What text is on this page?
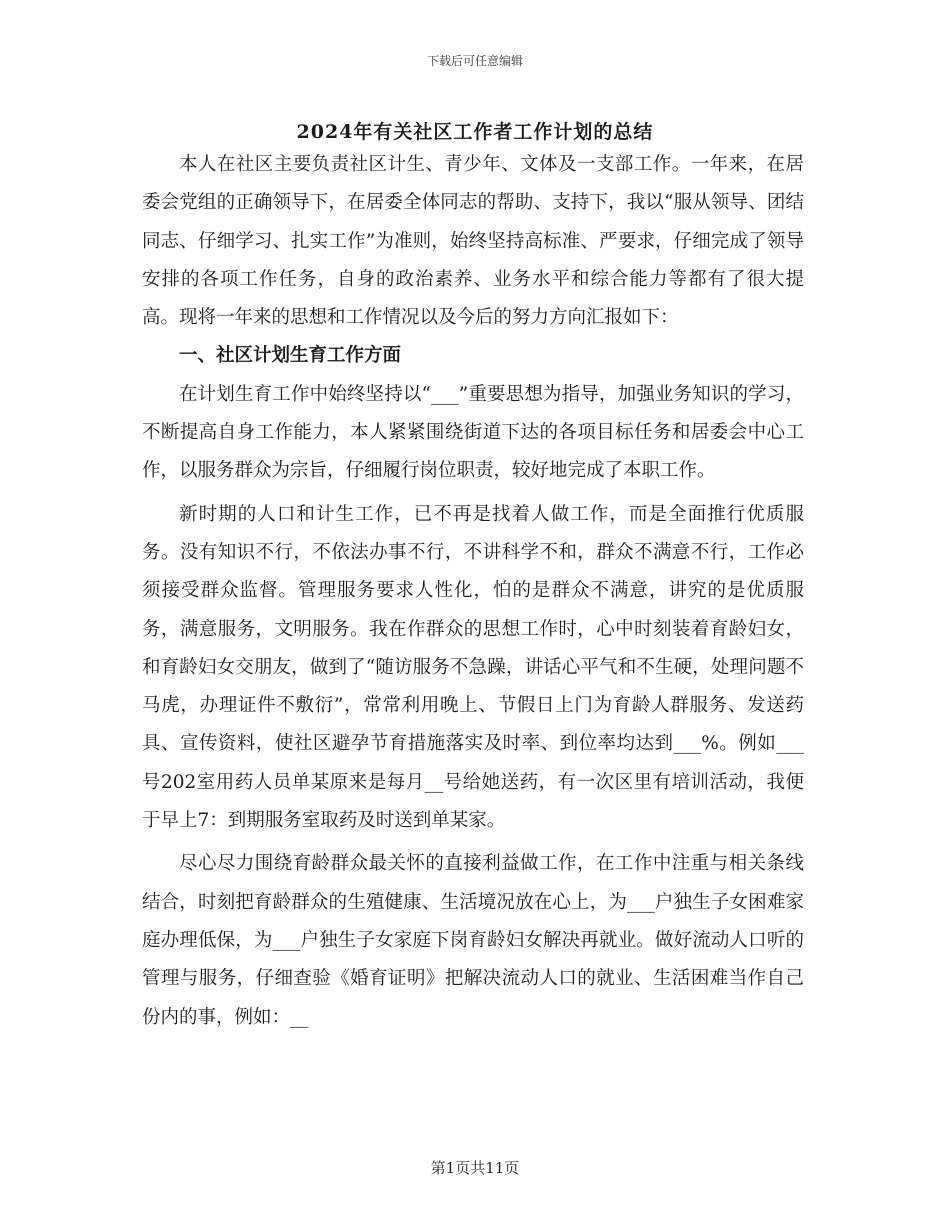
下载后可任意编辑
2024年有关社区工作者工作计划的总结

本人在社区主要负责社区计生、青少年、文体及一支部工作。一年来，在居委会党组的正确领导下，在居委全体同志的帮助、支持下，我以“服从领导、团结同志、仔细学习、扎实工作”为准则，始终坚持高标准、严要求，仔细完成了领导安排的各项工作任务，自身的政治素养、业务水平和综合能力等都有了很大提高。现将一年来的思想和工作情况以及今后的努力方向汇报如下：

一、社区计划生育工作方面

在计划生育工作中始终坚持以“___”重要思想为指导，加强业务知识的学习，不断提高自身工作能力，本人紧紧围绕街道下达的各项目标任务和居委会中心工作，以服务群众为宗旨，仔细履行岗位职责，较好地完成了本职工作。

新时期的人口和计生工作，已不再是找着人做工作，而是全面推行优质服务。没有知识不行，不依法办事不行，不讲科学不和，群众不满意不行，工作必须接受群众监督。管理服务要求人性化，怕的是群众不满意，讲究的是优质服务，满意服务，文明服务。我在作群众的思想工作时，心中时刻装着育龄妇女，和育龄妇女交朋友，做到了“随访服务不急躁，讲话心平气和不生硬，处理问题不马虎，办理证件不敷衍”，常常利用晚上、节假日上门为育龄人群服务、发送药具、宣传资料，使社区避孕节育措施落实及时率、到位率均达到___%。例如___号202室用药人员单某原来是每月__号给她送药，有一次区里有培训活动，我便于早上7：到期服务室取药及时送到单某家。

尽心尽力围绕育龄群众最关怀的直接利益做工作，在工作中注重与相关条线结合，时刻把育龄群众的生殖健康、生活境况放在心上，为___户独生子女困难家庭办理低保，为___户独生子女家庭下岗育龄妇女解决再就业。做好流动人口听的管理与服务，仔细查验《婚育证明》把解决流动人口的就业、生活困难当作自己份内的事，例如：__

第1页共11页
